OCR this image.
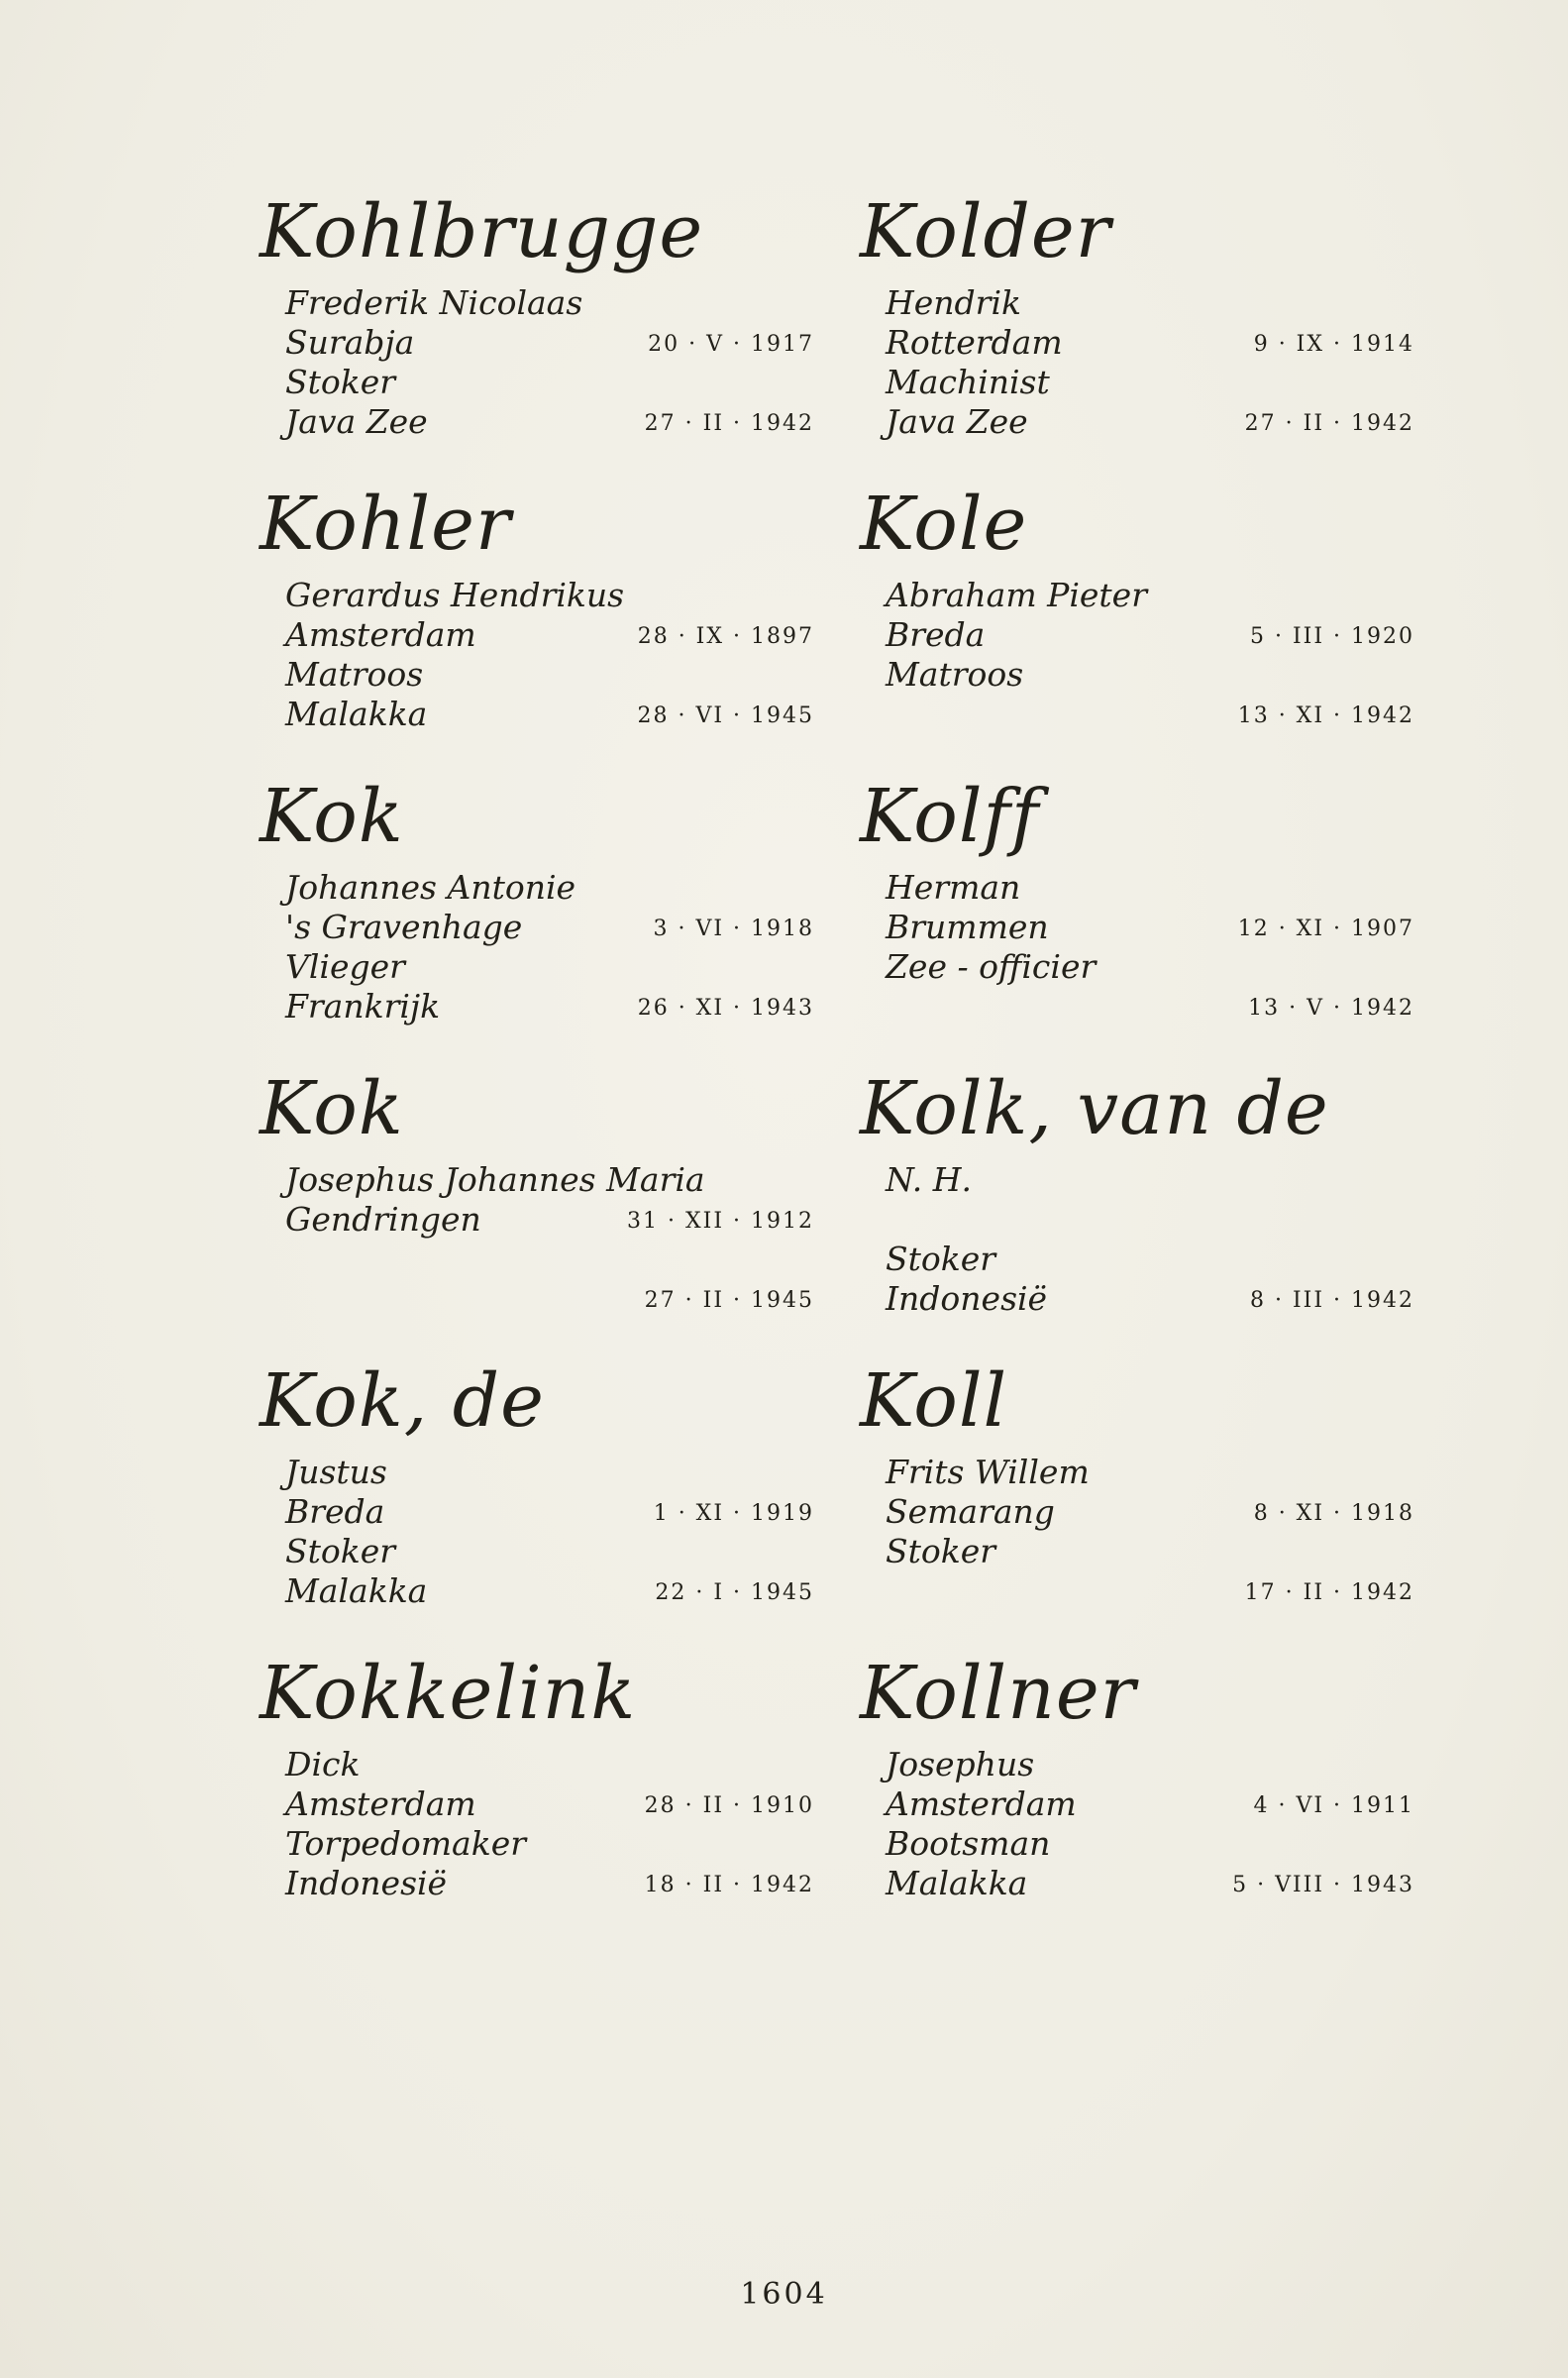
Kohlbrugge
Frederik Nicolaas
Surabja	20 · V · 1917
Stoker
Java Zee	27 · II · 1942
Kohler
Gerardus Hendrikus
Amsterdam	28 · IX · 1897
Matroos
Malakka	28 · VI · 1945
Kok
Johannes Antonie
's Gravenhage	3 · VI · 1918
Vlieger
Frankrijk	26 · XI · 1943
Kok
Josephus Johannes Maria
Gendringen	31 · XII · 1912
27 · II · 1945
Kok, de
Justus
Breda	1 · XI · 1919
Stoker
Malakka	22 · I · 1945
Kokkelink
Dick
Amsterdam	28 · II · 1910
Torpedomaker
Indonesië	18 · II · 1942
Kolder
Hendrik
Rotterdam	9 · IX · 1914
Machinist
Java Zee	27 · II · 1942
Kole
Abraham Pieter
Breda	5 · III · 1920
Matroos
13 · XI · 1942
Kolff
Herman
Brummen	12 · XI · 1907
Zee - officier
13 · V · 1942
Kolk, van de
N. H.
Stoker
Indonesië	8 · III · 1942
Koll
Frits Willem
Semarang	8 · XI · 1918
Stoker
17 · II · 1942
Kollner
Josephus
Amsterdam	4 · VI · 1911
Bootsman
Malakka	5 · VIII · 1943
1604
